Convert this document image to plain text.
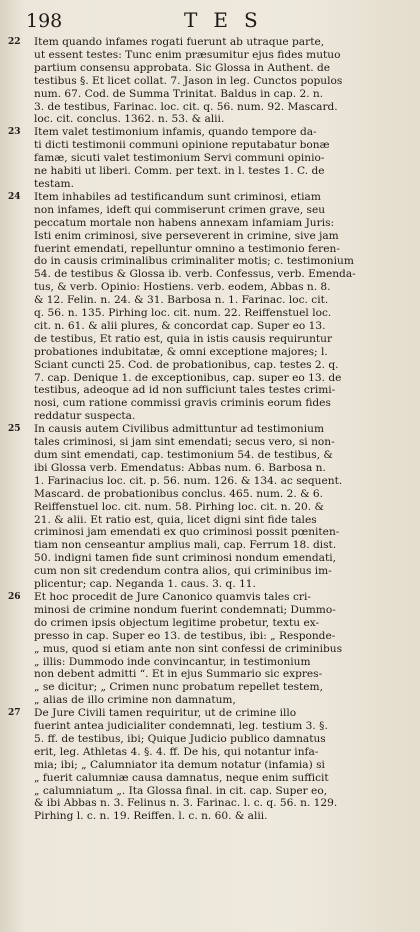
198	TES
22 Item quando infames rogati fuerunt ab utraque parte,
ut essent testes: Tunc enim præsumitur ejus fides mutuo
partium consensu approbata. Sic Glossa in Authent. de
testibus §. Et licet collat. 7. Jason in leg. Cunctos populos
num. 67. Cod. de Summa Trinitat. Baldus in cap. 2. n.
3. de testibus, Farinac. loc. cit. q. 56. num. 92. Mascard.
loc. cit. conclus. 1362. n. 53. & alii.
23 Item valet testimonium infamis, quando tempore da-
ti dicti testimonii communi opinione reputabatur bonæ
famæ, sicuti valet testimonium Servi communi opinio-
ne habiti ut liberi. Comm. per text. in l. testes 1. C. de
testam.
24 Item inhabiles ad testificandum sunt criminosi, etiam
non infames, ideft qui commiserunt crimen grave, seu
peccatum mortale non habens annexam infamiam Juris:
Isti enim criminosi, sive perseverent in crimine, sive jam
fuerint emendati, repelluntur omnino a testimonio feren-
do in causis criminalibus criminaliter motis; c. testimonium
54. de testibus & Glossa ib. verb. Confessus, verb. Emenda-
tus, & verb. Opinio: Hostiens. verb. eodem, Abbas n. 8.
& 12. Felin. n. 24. & 31. Barbosa n. 1. Farinac. loc. cit.
q. 56. n. 135. Pirhing loc. cit. num. 22. Reiffenstuel loc.
cit. n. 61. & alii plures, & concordat cap. Super eo 13.
de testibus, Et ratio est, quia in istis causis requiruntur
probationes indubitatæ, & omni exceptione majores; l.
Sciant cuncti 25. Cod. de probationibus, cap. testes 2. q.
7. cap. Denique 1. de exceptionibus, cap. super eo 13. de
testibus, adeoque ad id non sufficiunt tales testes crimi-
nosi, cum ratione commissi gravis criminis eorum fides
reddatur suspecta.
25 In causis autem Civilibus admittuntur ad testimonium
tales criminosi, si jam sint emendati; secus vero, si non-
dum sint emendati, cap. testimonium 54. de testibus, &
ibi Glossa verb. Emendatus: Abbas num. 6. Barbosa n.
1. Farinacius loc. cit. p. 56. num. 126. & 134. ac sequent.
Mascard. de probationibus conclus. 465. num. 2. & 6.
Reiffenstuel loc. cit. num. 58. Pirhing loc. cit. n. 20. &
21. & alii. Et ratio est, quia, licet digni sint fide tales
criminosi jam emendati ex quo criminosi possit pœniten-
tiam non censeantur amplius mali, cap. Ferrum 18. dist.
50. indigni tamen fide sunt criminosi nondum emendati,
cum non sit credendum contra alios, qui criminibus im-
plicentur; cap. Neganda 1. caus. 3. q. 11.
26 Et hoc procedit de Jure Canonico quamvis tales cri-
minosi de crimine nondum fuerint condemnati; Dummo-
do crimen ipsis objectum legitime probetur, textu ex-
presso in cap. Super eo 13. de testibus, ibi: „ Responde-
„ mus, quod si etiam ante non sint confessi de criminibus
„ illis: Dummodo inde convincantur, in testimonium
non debent admitti “. Et in ejus Summario sic expres-
„ se dicitur; „ Crimen nunc probatum repellet testem,
„ alias de illo crimine non damnatum,
27 De Jure Civili tamen requiritur, ut de crimine illo
fuerint antea judicialiter condemnati, leg. testium 3. §.
5. ff. de testibus, ibi; Quique Judicio publico damnatus
erit, leg. Athletas 4. §. 4. ff. De his, qui notantur infa-
mia; ibi; „ Calumniator ita demum notatur (infamia) si
„ fuerit calumniæ causa damnatus, neque enim sufficit
„ calumniatum „. Ita Glossa final. in cit. cap. Super eo,
& ibi Abbas n. 3. Felinus n. 3. Farinac. l. c. q. 56. n. 129.
Pirhing l. c. n. 19. Reiffen. l. c. n. 60. & alii.
